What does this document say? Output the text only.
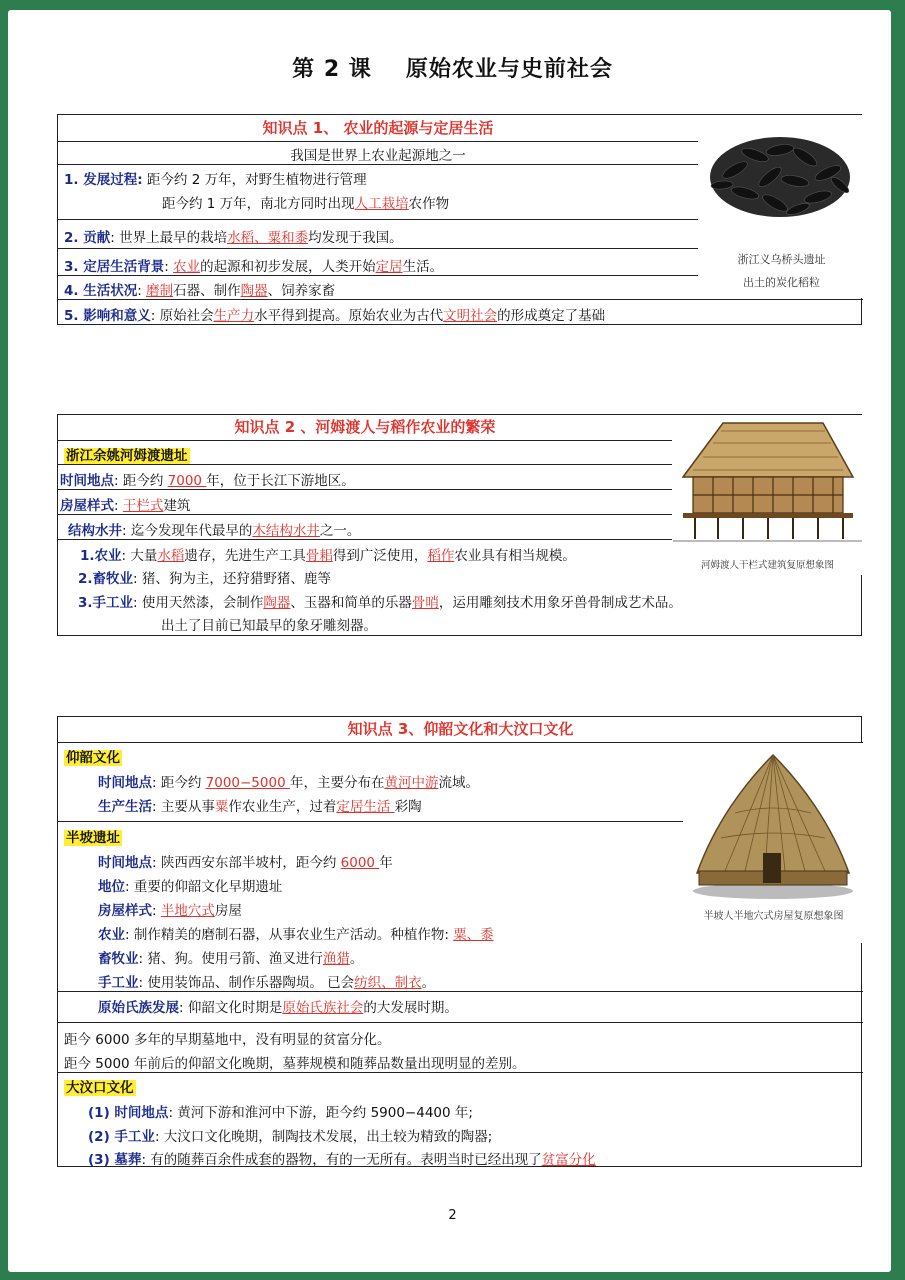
第 2 课 原始农业与史前社会
知识点 1、 农业的起源与定居生活
我国是世界上农业起源地之一
1. 发展过程: 距今约 2 万年，对野生植物进行管理
距今约 1 万年，南北方同时出现人工栽培农作物
2. 贡献: 世界上最早的栽培水稻、粟和黍均发现于我国。
3. 定居生活背景: 农业的起源和初步发展，人类开始定居生活。
4. 生活状况: 磨制石器、制作陶器、饲养家畜
5. 影响和意义: 原始社会生产力水平得到提高。原始农业为古代文明社会的形成奠定了基础
浙江义乌桥头遗址
出土的炭化稻粒
知识点 2 、河姆渡人与稻作农业的繁荣
浙江余姚河姆渡遗址
时间地点: 距今约 7000 年，位于长江下游地区。
房屋样式: 干栏式建筑
结构水井: 迄今发现年代最早的木结构水井之一。
1.农业: 大量水稻遗存，先进生产工具骨耜得到广泛使用，稻作农业具有相当规模。
2.畜牧业: 猪、狗为主，还狩猎野猪、鹿等
3.手工业: 使用天然漆，会制作陶器、玉器和简单的乐器骨哨，运用雕刻技术用象牙兽骨制成艺术品。
出土了目前已知最早的象牙雕刻器。
河姆渡人干栏式建筑复原想象图
知识点 3、仰韶文化和大汶口文化
仰韶文化
时间地点: 距今约 7000−5000 年，主要分布在黄河中游流域。
生产生活: 主要从事粟作农业生产，过着定居生活 彩陶
半坡遗址
时间地点: 陕西西安东部半坡村，距今约 6000 年
地位: 重要的仰韶文化早期遗址
房屋样式: 半地穴式房屋
农业: 制作精美的磨制石器，从事农业生产活动。种植作物: 粟、黍
畜牧业: 猪、狗。使用弓箭、渔叉进行渔猎。
手工业: 使用装饰品、制作乐器陶埙。 已会纺织、制衣。
原始氏族发展: 仰韶文化时期是原始氏族社会的大发展时期。
距今 6000 多年的早期墓地中，没有明显的贫富分化。
距今 5000 年前后的仰韶文化晚期，墓葬规模和随葬品数量出现明显的差别。
大汶口文化
(1) 时间地点: 黄河下游和淮河中下游，距今约 5900−4400 年;
(2) 手工业: 大汶口文化晚期，制陶技术发展，出土较为精致的陶器;
(3) 墓葬: 有的随葬百余件成套的器物，有的一无所有。表明当时已经出现了贫富分化
半坡人半地穴式房屋复原想象图
2
